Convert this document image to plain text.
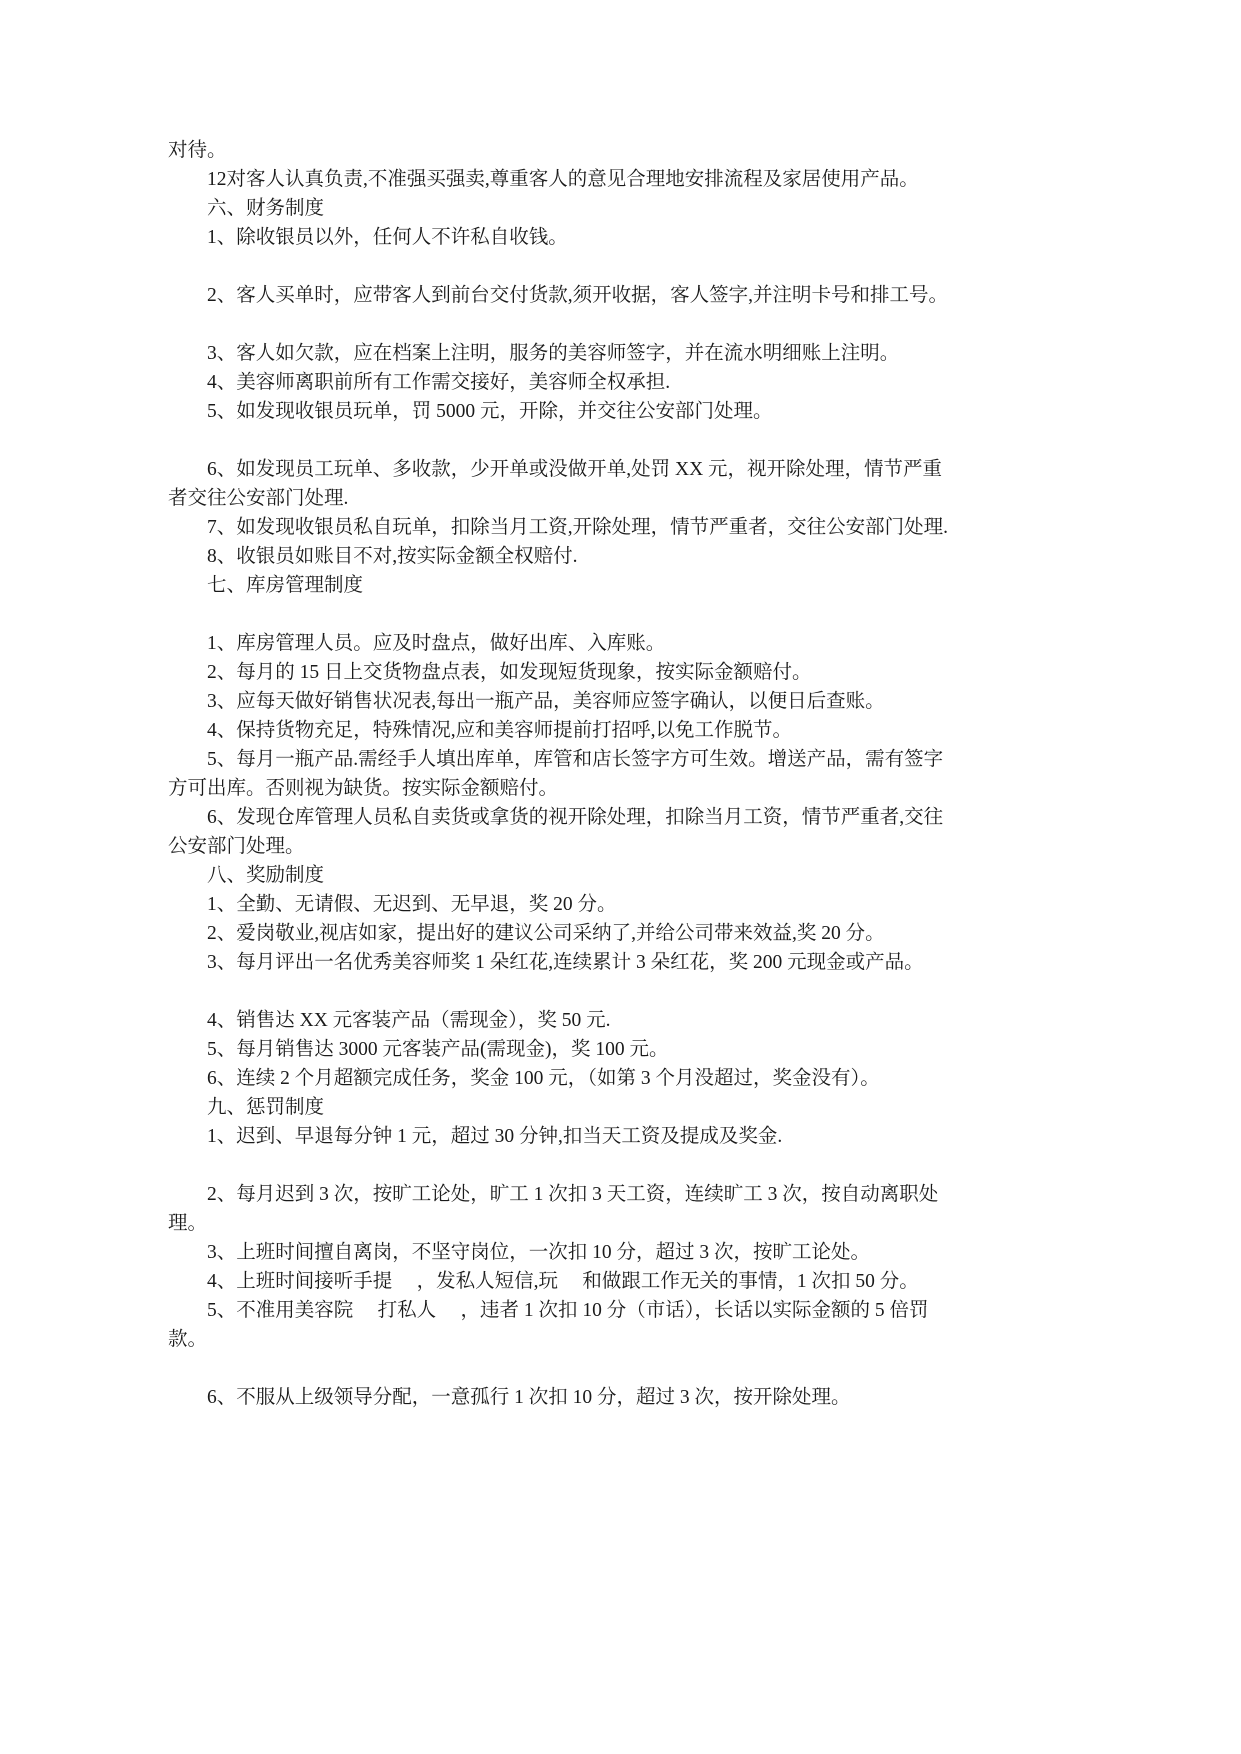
对待。
12对客人认真负责,不准强买强卖,尊重客人的意见合理地安排流程及家居使用产品。
六、财务制度
1、除收银员以外，任何人不许私自收钱。
2、客人买单时，应带客人到前台交付货款,须开收据，客人签字,并注明卡号和排工号。
3、客人如欠款，应在档案上注明，服务的美容师签字，并在流水明细账上注明。
4、美容师离职前所有工作需交接好，美容师全权承担.
5、如发现收银员玩单，罚 5000 元，开除，并交往公安部门处理。
6、如发现员工玩单、多收款，少开单或没做开单,处罚 XX 元，视开除处理，情节严重
者交往公安部门处理.
7、如发现收银员私自玩单，扣除当月工资,开除处理，情节严重者，交往公安部门处理.
8、收银员如账目不对,按实际金额全权赔付.
七、库房管理制度
1、库房管理人员。应及时盘点，做好出库、入库账。
2、每月的 15 日上交货物盘点表，如发现短货现象，按实际金额赔付。
3、应每天做好销售状况表,每出一瓶产品，美容师应签字确认，以便日后查账。
4、保持货物充足，特殊情况,应和美容师提前打招呼,以免工作脱节。
5、每月一瓶产品.需经手人填出库单，库管和店长签字方可生效。增送产品，需有签字
方可出库。否则视为缺货。按实际金额赔付。
6、发现仓库管理人员私自卖货或拿货的视开除处理，扣除当月工资，情节严重者,交往
公安部门处理。
八、奖励制度
1、全勤、无请假、无迟到、无早退，奖 20 分。
2、爱岗敬业,视店如家，提出好的建议公司采纳了,并给公司带来效益,奖 20 分。
3、每月评出一名优秀美容师奖 1 朵红花,连续累计 3 朵红花，奖 200 元现金或产品。
4、销售达 XX 元客装产品（需现金），奖 50 元.
5、每月销售达 3000 元客装产品(需现金)，奖 100 元。
6、连续 2 个月超额完成任务，奖金 100 元，（如第 3 个月没超过，奖金没有）。
九、惩罚制度
1、迟到、早退每分钟 1 元，超过 30 分钟,扣当天工资及提成及奖金.
2、每月迟到 3 次，按旷工论处，旷工 1 次扣 3 天工资，连续旷工 3 次，按自动离职处
理。
3、上班时间擅自离岗，不坚守岗位，一次扣 10 分，超过 3 次，按旷工论处。
4、上班时间接听手提　 ，发私人短信,玩　 和做跟工作无关的事情，1 次扣 50 分。
5、不准用美容院　 打私人　 ，违者 1 次扣 10 分（市话），长话以实际金额的 5 倍罚
款。
6、不服从上级领导分配，一意孤行 1 次扣 10 分，超过 3 次，按开除处理。
